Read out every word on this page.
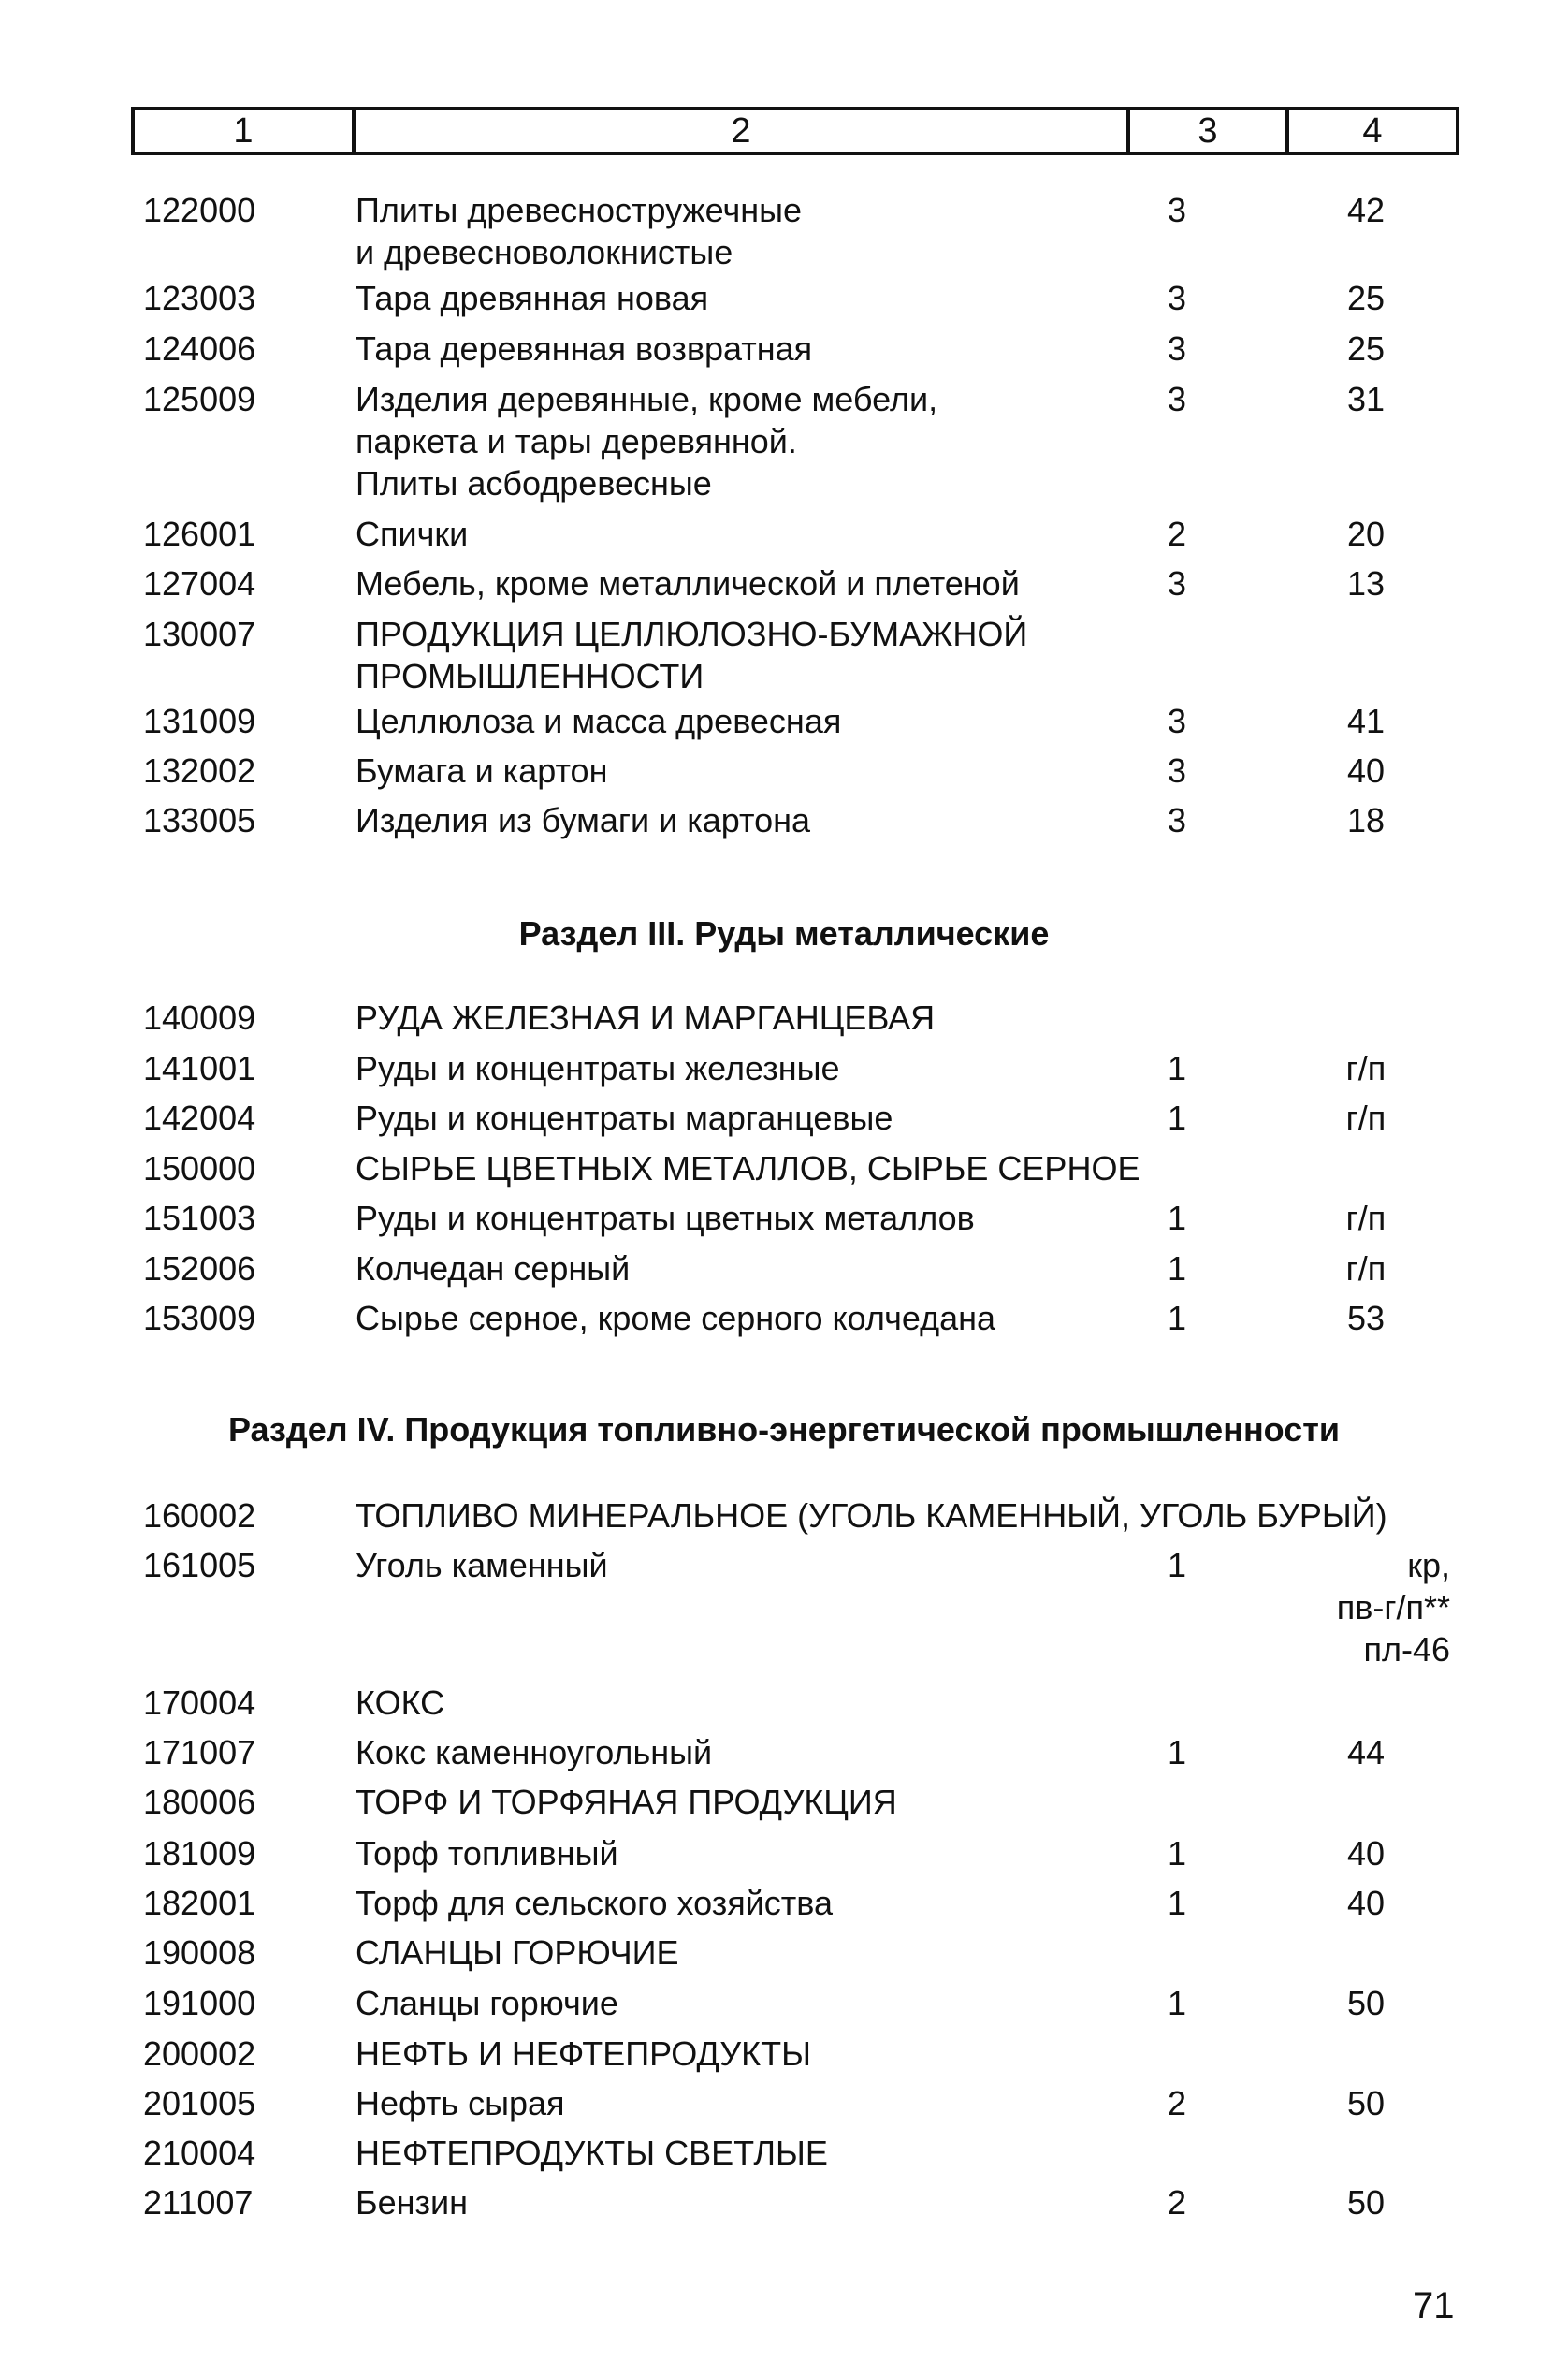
1	2	3	4
122000	Плиты древесностружечные
и древесноволокнистые
3	42
123003	Тара древянная новая	3	25
124006	Тара деревянная возвратная	3	25
125009	Изделия деревянные, кроме мебели,
паркета и тары деревянной.
Плиты асбодревесные
3	31
126001	Спички	2	20
127004	Мебель, кроме металлической и плетеной	3	13
130007	ПРОДУКЦИЯ ЦЕЛЛЮЛОЗНО-БУМАЖНОЙ
ПРОМЫШЛЕННОСТИ
131009	Целлюлоза и масса древесная	3	41
132002	Бумага и картон	3	40
133005	Изделия из бумаги и картона	3	18
140009	РУДА ЖЕЛЕЗНАЯ И МАРГАНЦЕВАЯ
141001	Руды и концентраты железные	1	г/п
142004	Руды и концентраты марганцевые	1	г/п
150000	СЫРЬЕ ЦВЕТНЫХ МЕТАЛЛОВ, СЫРЬЕ СЕРНОЕ
151003	Руды и концентраты цветных металлов	1	г/п
152006	Колчедан серный	1	г/п
153009	Сырье серное, кроме серного колчедана	1	53
160002	ТОПЛИВО МИНЕРАЛЬНОЕ (УГОЛЬ КАМЕННЫЙ, УГОЛЬ БУРЫЙ)
161005	Уголь каменный	1	кр,
пв-г/п**
пл-46
170004	КОКС
171007	Кокс каменноугольный	1	44
180006	ТОРФ И ТОРФЯНАЯ ПРОДУКЦИЯ
181009	Торф топливный	1	40
182001	Торф для сельского хозяйства	1	40
190008	СЛАНЦЫ ГОРЮЧИЕ
191000	Сланцы горючие	1	50
200002	НЕФТЬ И НЕФТЕПРОДУКТЫ
201005	Нефть сырая	2	50
210004	НЕФТЕПРОДУКТЫ СВЕТЛЫЕ
211007	Бензин	2	50
Раздел III. Руды металлические
Раздел IV. Продукция топливно-энергетической промышленности
71
